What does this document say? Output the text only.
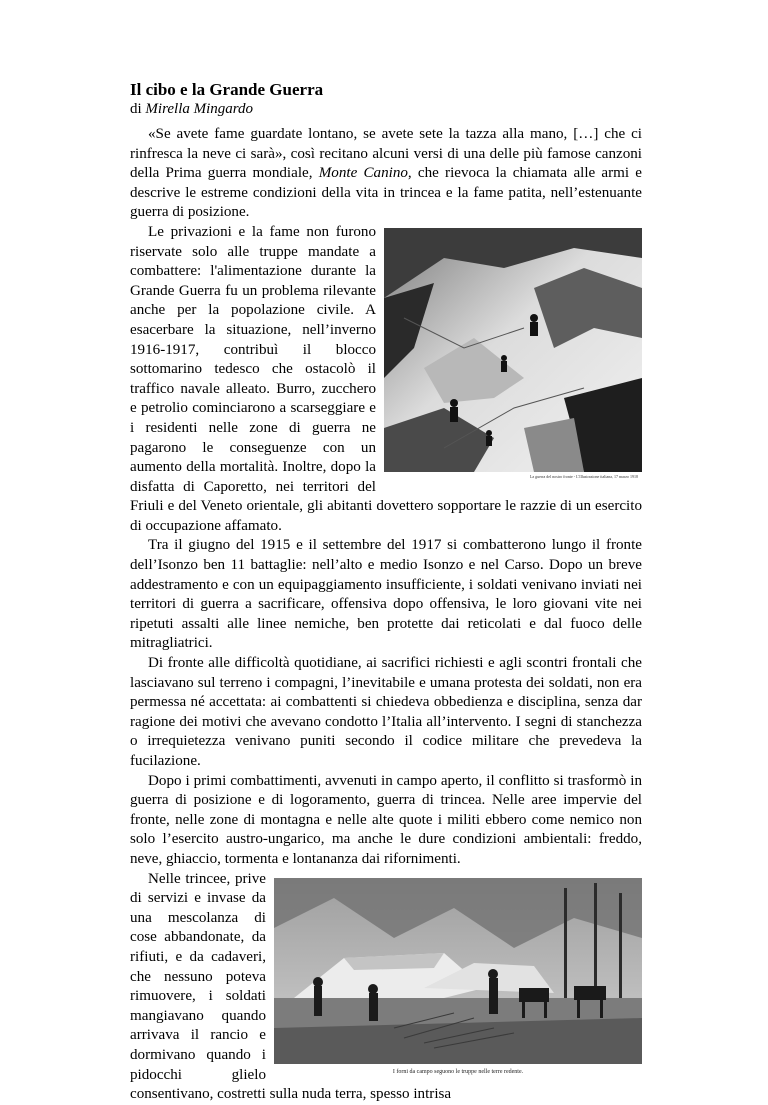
Il cibo e la Grande Guerra
di Mirella Mingardo

«Se avete fame guardate lontano, se avete sete la tazza alla mano, […] che ci rinfresca la neve ci sarà», così recitano alcuni versi di una delle più famose canzoni della Prima guerra mondiale, Monte Canino, che rievoca la chiamata alle armi e descrive le estreme condizioni della vita in trincea e la fame patita, nell’estenuante guerra di posizione.

La guerra del nostro fronte - L'Illustrazione italiana, 17 marzo 1918

Le privazioni e la fame non furono riservate solo alle truppe mandate a combattere: l'alimentazione durante la Grande Guerra fu un problema rilevante anche per la popolazione civile. A esacerbare la situazione, nell’inverno 1916-1917, contribuì il blocco sottomarino tedesco che ostacolò il traffico navale alleato. Burro, zucchero e petrolio cominciarono a scarseggiare e i residenti nelle zone di guerra ne pagarono le conseguenze con un aumento della mortalità. Inoltre, dopo la disfatta di Caporetto, nei territori del Friuli e del Veneto orientale, gli abitanti dovettero sopportare le razzie di un esercito di occupazione affamato.

Tra il giugno del 1915 e il settembre del 1917 si combatterono lungo il fronte dell’Isonzo ben 11 battaglie: nell’alto e medio Isonzo e nel Carso. Dopo un breve addestramento e con un equipaggiamento insufficiente, i soldati venivano inviati nei territori di guerra a sacrificare, offensiva dopo offensiva, le loro giovani vite nei ripetuti assalti alle linee nemiche, ben protette dai reticolati e dal fuoco delle mitragliatrici.

Di fronte alle difficoltà quotidiane, ai sacrifici richiesti e agli scontri frontali che lasciavano sul terreno i compagni, l’inevitabile e umana protesta dei soldati, non era permessa né accettata: ai combattenti si chiedeva obbedienza e disciplina, senza dar ragione dei motivi che avevano condotto l’Italia all’intervento. I segni di stanchezza o irrequietezza venivano puniti secondo il codice militare che prevedeva la fucilazione.

Dopo i primi combattimenti, avvenuti in campo aperto, il conflitto si trasformò in guerra di posizione e di logoramento, guerra di trincea. Nelle aree impervie del fronte, nelle zone di montagna e nelle alte quote i militi ebbero come nemico non solo l’esercito austro-ungarico, ma anche le dure condizioni ambientali: freddo, neve, ghiaccio, tormenta e lontananza dai rifornimenti.

I forni da campo seguono le truppe nelle terre redente.

Nelle trincee, prive di servizi e invase da una mescolanza di cose abbandonate, da rifiuti, e da cadaveri, che nessuno poteva rimuovere, i soldati mangiavano quando arrivava il rancio e dormivano quando i pidocchi glielo consentivano, costretti sulla nuda terra, spesso intrisa
